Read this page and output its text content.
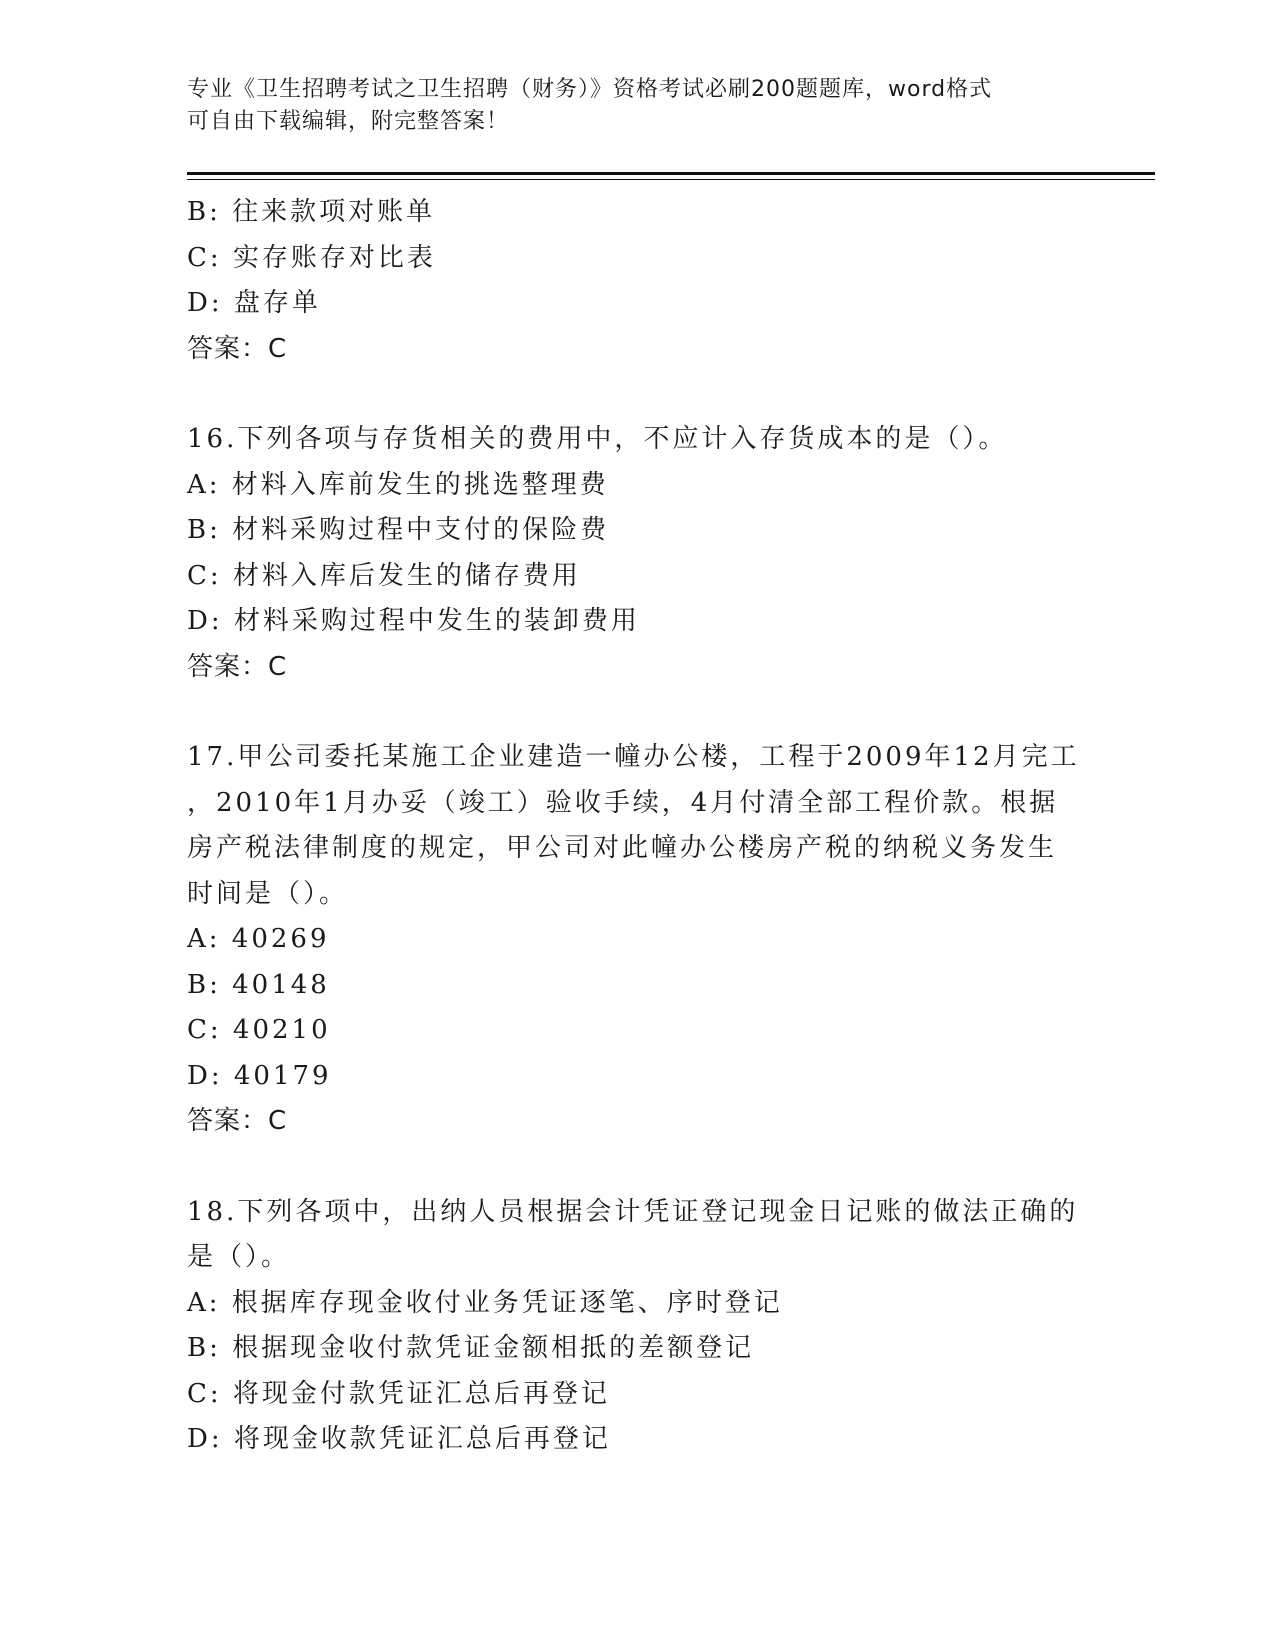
专业《卫生招聘考试之卫生招聘（财务）》资格考试必刷200题题库，word格式
可自由下载编辑，附完整答案！
B: 往来款项对账单
C: 实存账存对比表
D: 盘存单
答案：C
16.下列各项与存货相关的费用中，不应计入存货成本的是（）。
A: 材料入库前发生的挑选整理费
B: 材料采购过程中支付的保险费
C: 材料入库后发生的储存费用
D: 材料采购过程中发生的装卸费用
答案：C
17.甲公司委托某施工企业建造一幢办公楼，工程于2009年12月完工
，2010年1月办妥（竣工）验收手续，4月付清全部工程价款。根据
房产税法律制度的规定，甲公司对此幢办公楼房产税的纳税义务发生
时间是（）。
A: 40269
B: 40148
C: 40210
D: 40179
答案：C
18.下列各项中，出纳人员根据会计凭证登记现金日记账的做法正确的
是（）。
A: 根据库存现金收付业务凭证逐笔、序时登记
B: 根据现金收付款凭证金额相抵的差额登记
C: 将现金付款凭证汇总后再登记
D: 将现金收款凭证汇总后再登记
